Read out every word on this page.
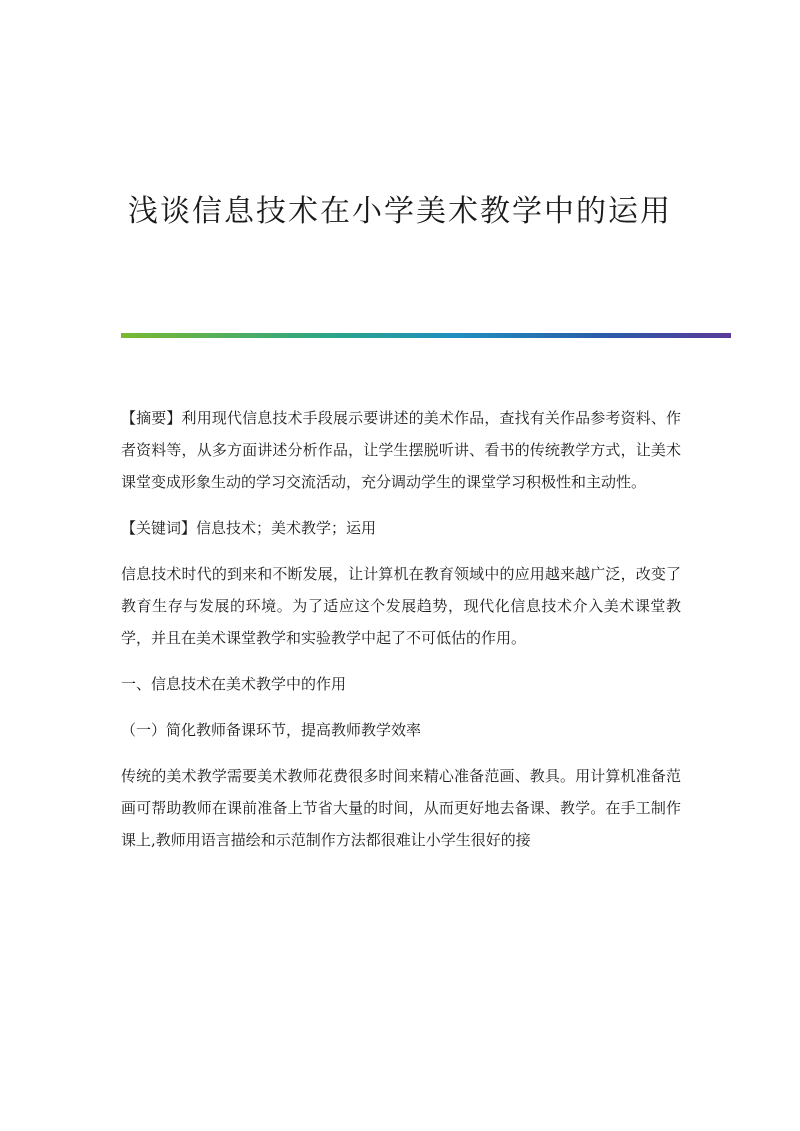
浅谈信息技术在小学美术教学中的运用

【摘要】利用现代信息技术手段展示要讲述的美术作品，查找有关作品参考资料、作者资料等，从多方面讲述分析作品，让学生摆脱听讲、看书的传统教学方式，让美术课堂变成形象生动的学习交流活动，充分调动学生的课堂学习积极性和主动性。

【关键词】信息技术；美术教学；运用

信息技术时代的到来和不断发展，让计算机在教育领域中的应用越来越广泛，改变了教育生存与发展的环境。为了适应这个发展趋势，现代化信息技术介入美术课堂教学，并且在美术课堂教学和实验教学中起了不可低估的作用。

一、信息技术在美术教学中的作用

（一）简化教师备课环节，提高教师教学效率

传统的美术教学需要美术教师花费很多时间来精心准备范画、教具。用计算机准备范画可帮助教师在课前准备上节省大量的时间，从而更好地去备课、教学。在手工制作课上,教师用语言描绘和示范制作方法都很难让小学生很好的接
